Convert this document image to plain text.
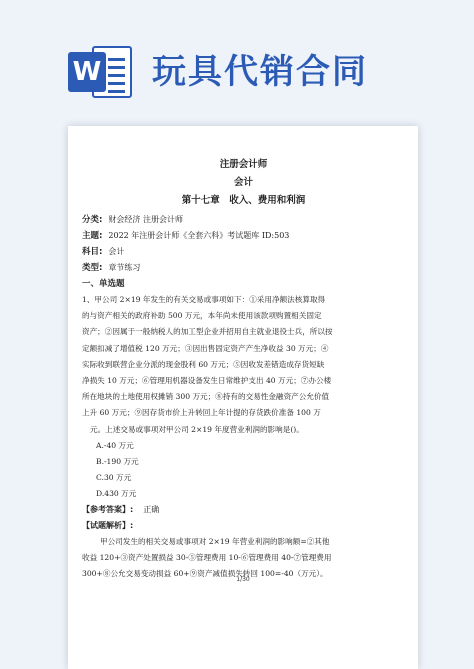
W 玩具代销合同
注册会计师
会计
第十七章　收入、费用和利润
分类: 财会经济 注册会计师
主题: 2022 年注册会计师《全套六科》考试题库 ID:503
科目: 会计
类型: 章节练习
一、单选题
1、甲公司 2×19 年发生的有关交易或事项如下：①采用净额法核算取得
的与资产相关的政府补助 500 万元，本年尚未使用该款项购置相关固定
资产；②因属于一般纳税人的加工型企业并招用自主就业退役士兵，所以按
定额扣减了增值税 120 万元；③因出售固定资产产生净收益 30 万元；④
实际收到联营企业分派的现金股利 60 万元；⑤因收发差错造成存货短缺
净损失 10 万元；⑥管理用机器设备发生日常维护支出 40 万元；⑦办公楼
所在地块的土地使用权摊销 300 万元；⑧持有的交易性金融资产公允价值
上升 60 万元；⑨因存货市价上升转回上年计提的存货跌价准备 100 万
元。上述交易或事项对甲公司 2×19 年度营业利润的影响是()。
A.-40 万元
B.-190 万元
C.30 万元
D.430 万元
【参考答案】: 正确
【试题解析】:
甲公司发生的相关交易或事项对 2×19 年营业利润的影响额=②其他
收益 120+③资产处置损益 30-⑤管理费用 10-⑥管理费用 40-⑦管理费用
300+⑧公允交易变动损益 60+⑨资产减值损失转回 100=-40（万元）。
1/30
